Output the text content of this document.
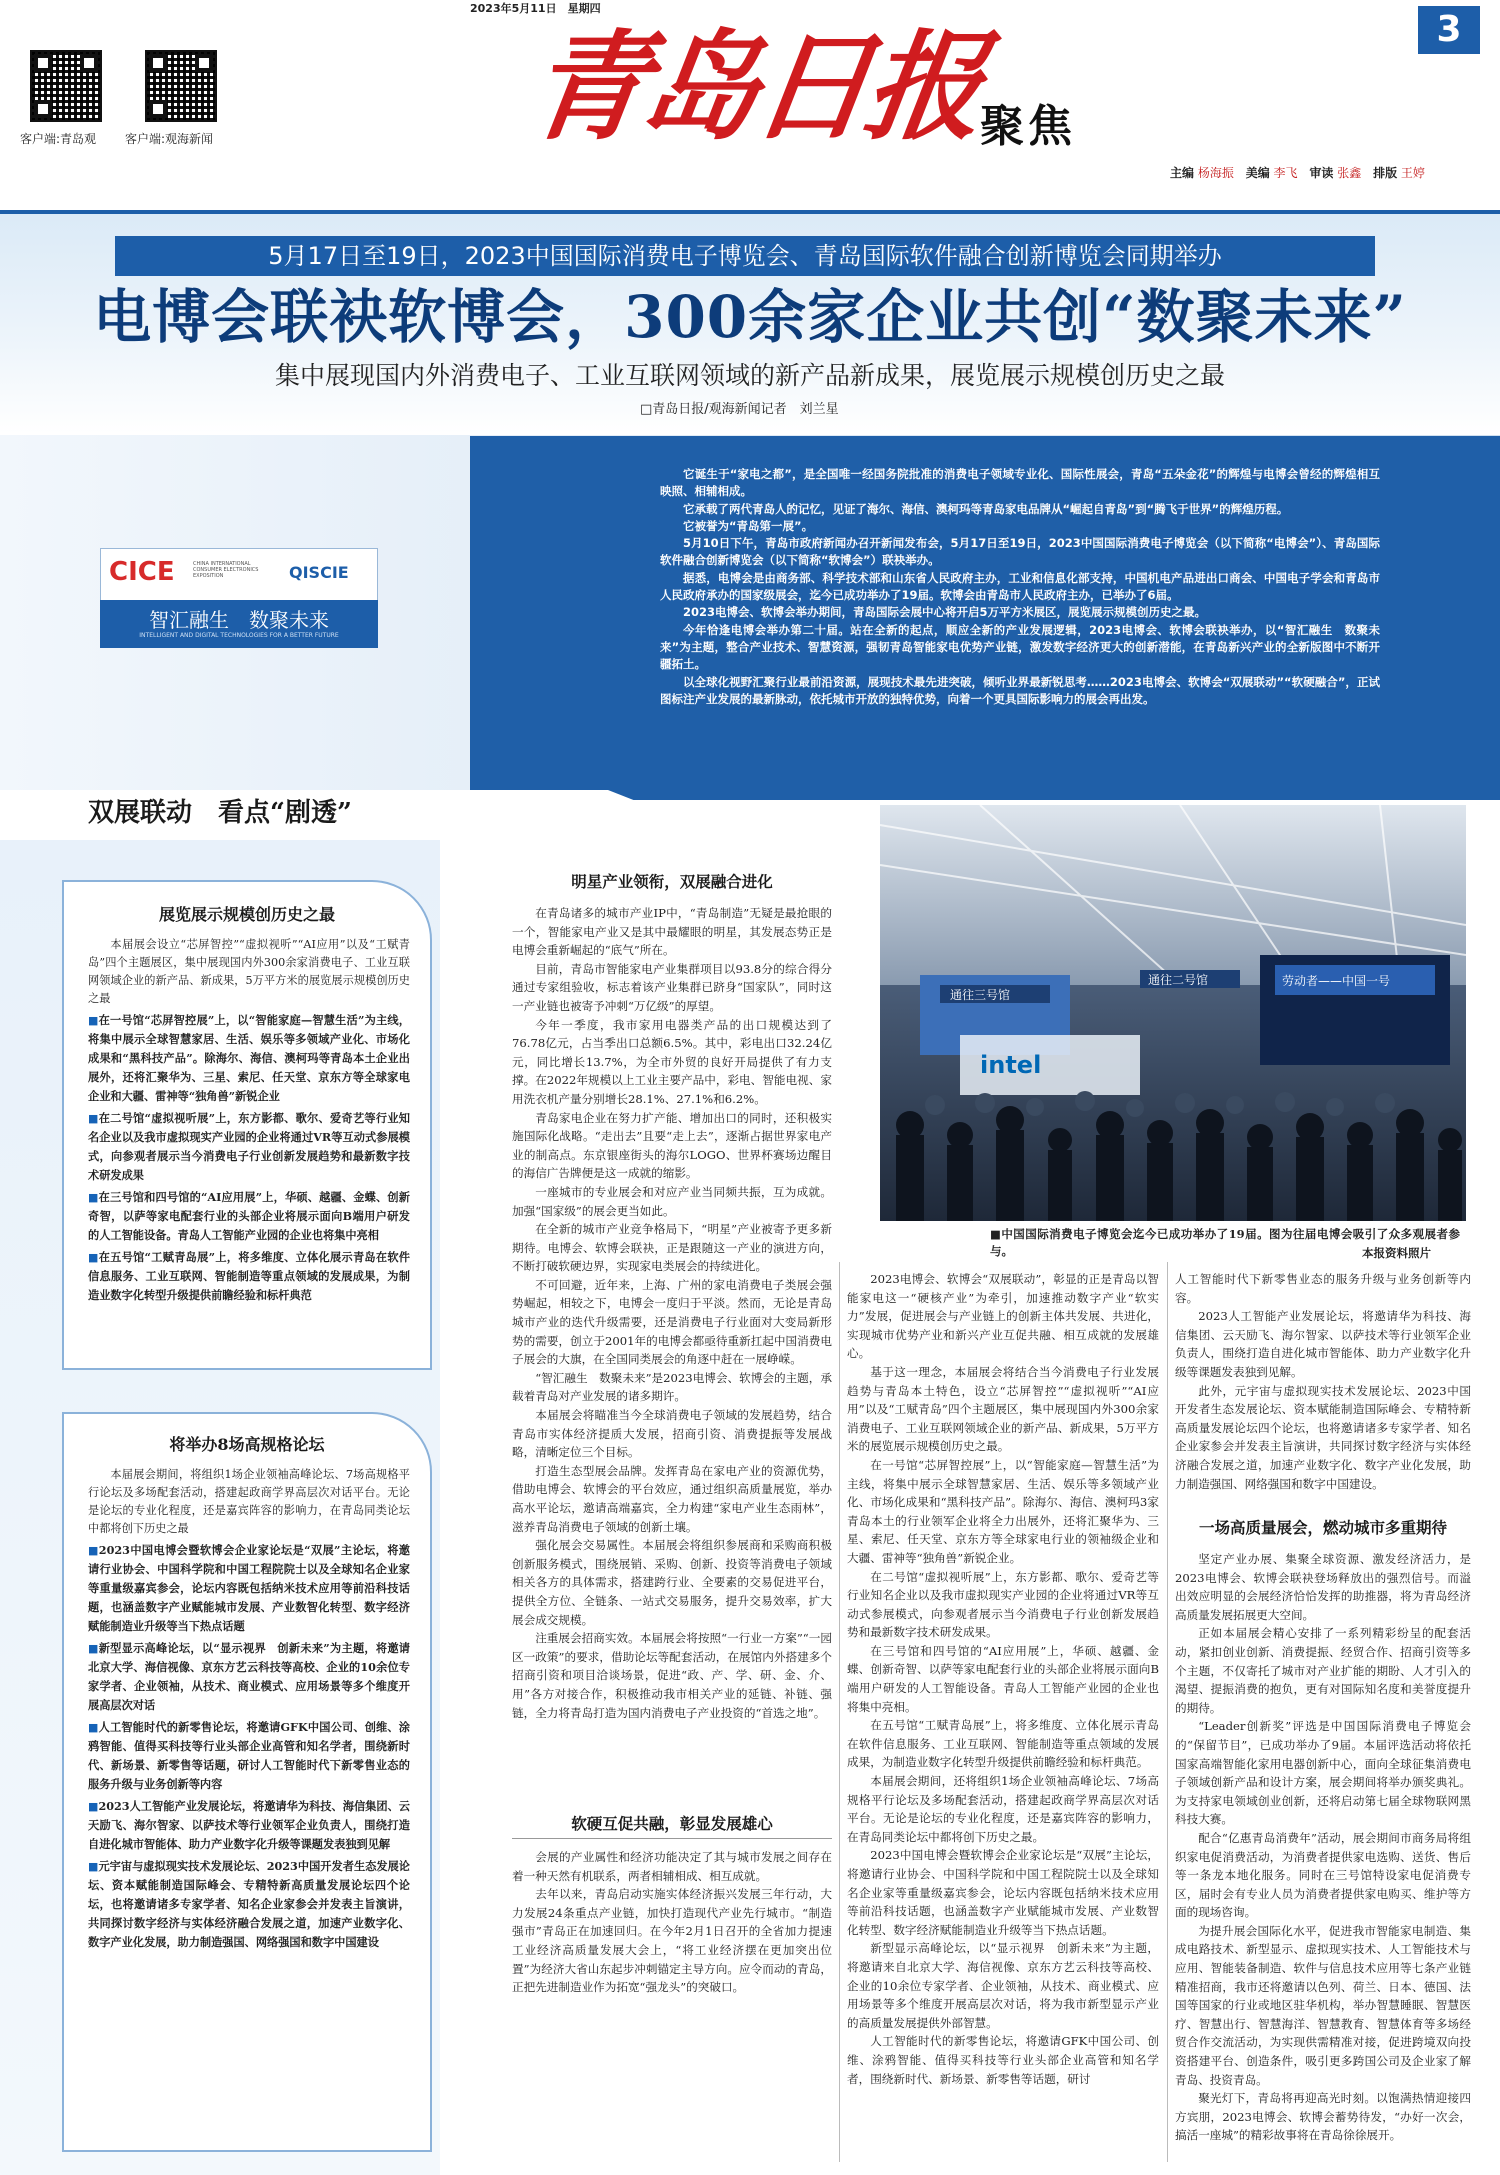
2023年5月11日　星期四
客户端:青岛观 客户端:观海新闻	青岛日报
聚焦
3
主编 杨海振 美编 李飞 审读 张鑫 排版 王婷
5月17日至19日，2023中国国际消费电子博览会、青岛国际软件融合创新博览会同期举办
电博会联袂软博会，300余家企业共创“数聚未来”
集中展现国内外消费电子、工业互联网领域的新产品新成果，展览展示规模创历史之最
□青岛日报/观海新闻记者　刘兰星
CICE	CHINA INTERNATIONAL CONSUMER ELECTRONICS EXPOSITION	QISCIE
智汇融生　数聚未来
INTELLIGENT AND DIGITAL TECHNOLOGIES FOR A BETTER FUTURE

它诞生于“家电之都”，是全国唯一经国务院批准的消费电子领域专业化、国际性展会，青岛“五朵金花”的辉煌与电博会曾经的辉煌相互映照、相辅相成。

它承载了两代青岛人的记忆，见证了海尔、海信、澳柯玛等青岛家电品牌从“崛起自青岛”到“腾飞于世界”的辉煌历程。

它被誉为“青岛第一展”。

5月10日下午，青岛市政府新闻办召开新闻发布会，5月17日至19日，2023中国国际消费电子博览会（以下简称“电博会”）、青岛国际软件融合创新博览会（以下简称“软博会”）联袂举办。

据悉，电博会是由商务部、科学技术部和山东省人民政府主办，工业和信息化部支持，中国机电产品进出口商会、中国电子学会和青岛市人民政府承办的国家级展会，迄今已成功举办了19届。软博会由青岛市人民政府主办，已举办了6届。

2023电博会、软博会举办期间，青岛国际会展中心将开启5万平方米展区，展览展示规模创历史之最。

今年恰逢电博会举办第二十届。站在全新的起点，顺应全新的产业发展逻辑，2023电博会、软博会联袂举办，以“智汇融生　数聚未来”为主题，整合产业技术、智慧资源，强韧青岛智能家电优势产业链，激发数字经济更大的创新潜能，在青岛新兴产业的全新版图中不断开疆拓土。

以全球化视野汇聚行业最前沿资源，展现技术最先进突破，倾听业界最新锐思考……2023电博会、软博会“双展联动”“软硬融合”，正试图标注产业发展的最新脉动，依托城市开放的独特优势，向着一个更具国际影响力的展会再出发。

双展联动　看点“剧透”
展览展示规模创历史之最

本届展会设立“芯屏智控”“虚拟视听”“AI应用”以及“工赋青岛”四个主题展区，集中展现国内外300余家消费电子、工业互联网领域企业的新产品、新成果，5万平方米的展览展示规模创历史之最

■在一号馆“芯屏智控展”上，以“智能家庭—智慧生活”为主线，将集中展示全球智慧家居、生活、娱乐等多领域产业化、市场化成果和“黑科技产品”。除海尔、海信、澳柯玛等青岛本土企业出展外，还将汇聚华为、三星、索尼、任天堂、京东方等全球家电企业和大疆、雷神等“独角兽”新锐企业

■在二号馆“虚拟视听展”上，东方影都、歌尔、爱奇艺等行业知名企业以及我市虚拟现实产业园的企业将通过VR等互动式参展模式，向参观者展示当今消费电子行业创新发展趋势和最新数字技术研发成果

■在三号馆和四号馆的“AI应用展”上，华硕、越疆、金蝶、创新奇智，以萨等家电配套行业的头部企业将展示面向B端用户研发的人工智能设备。青岛人工智能产业园的企业也将集中亮相

■在五号馆“工赋青岛展”上，将多维度、立体化展示青岛在软件信息服务、工业互联网、智能制造等重点领域的发展成果，为制造业数字化转型升级提供前瞻经验和标杆典范

将举办8场高规格论坛

本届展会期间，将组织1场企业领袖高峰论坛、7场高规格平行论坛及多场配套活动，搭建起政商学界高层次对话平台。无论是论坛的专业化程度，还是嘉宾阵容的影响力，在青岛同类论坛中都将创下历史之最

■2023中国电博会暨软博会企业家论坛是“双展”主论坛，将邀请行业协会、中国科学院和中国工程院院士以及全球知名企业家等重量级嘉宾参会，论坛内容既包括纳米技术应用等前沿科技话题，也涵盖数字产业赋能城市发展、产业数智化转型、数字经济赋能制造业升级等当下热点话题

■新型显示高峰论坛，以“显示视界　创新未来”为主题，将邀请北京大学、海信视像、京东方艺云科技等高校、企业的10余位专家学者、企业领袖，从技术、商业模式、应用场景等多个维度开展高层次对话

■人工智能时代的新零售论坛，将邀请GFK中国公司、创维、涂鸦智能、值得买科技等行业头部企业高管和知名学者，围绕新时代、新场景、新零售等话题，研讨人工智能时代下新零售业态的服务升级与业务创新等内容

■2023人工智能产业发展论坛，将邀请华为科技、海信集团、云天励飞、海尔智家、以萨技术等行业领军企业负责人，围绕打造自进化城市智能体、助力产业数字化升级等课题发表独到见解

■元宇宙与虚拟现实技术发展论坛、2023中国开发者生态发展论坛、资本赋能制造国际峰会、专精特新高质量发展论坛四个论坛，也将邀请诸多专家学者、知名企业家参会并发表主旨演讲，共同探讨数字经济与实体经济融合发展之道，加速产业数字化、数字产业化发展，助力制造强国、网络强国和数字中国建设

明星产业领衔，双展融合进化

在青岛诸多的城市产业IP中，“青岛制造”无疑是最抢眼的一个，智能家电产业又是其中最耀眼的明星，其发展态势正是电博会重新崛起的“底气”所在。

目前，青岛市智能家电产业集群项目以93.8分的综合得分通过专家组验收，标志着该产业集群已跻身“国家队”，同时这一产业链也被寄予冲刺“万亿级”的厚望。

今年一季度，我市家用电器类产品的出口规模达到了76.78亿元，占当季出口总额6.5%。其中，彩电出口32.24亿元，同比增长13.7%，为全市外贸的良好开局提供了有力支撑。在2022年规模以上工业主要产品中，彩电、智能电视、家用洗衣机产量分别增长28.1%、27.1%和6.2%。

青岛家电企业在努力扩产能、增加出口的同时，还积极实施国际化战略。“走出去”且要“走上去”，逐渐占据世界家电产业的制高点。东京银座街头的海尔LOGO、世界杯赛场边醒目的海信广告牌便是这一成就的缩影。

一座城市的专业展会和对应产业当同频共振，互为成就。加强“国家级”的展会更当如此。

在全新的城市产业竞争格局下，“明星”产业被寄予更多新期待。电博会、软博会联袂，正是跟随这一产业的演进方向，不断打破软硬边界，实现家电类展会的持续进化。

不可回避，近年来，上海、广州的家电消费电子类展会强势崛起，相较之下，电博会一度归于平淡。然而，无论是青岛城市产业的迭代升级需要，还是消费电子行业面对大变局新形势的需要，创立于2001年的电博会都亟待重新扛起中国消费电子展会的大旗，在全国同类展会的角逐中赶在一展峥嵘。

“智汇融生　数聚未来”是2023电博会、软博会的主题，承载着青岛对产业发展的诸多期许。

本届展会将瞄准当今全球消费电子领域的发展趋势，结合青岛市实体经济提质大发展，招商引资、消费提振等发展战略，清晰定位三个目标。

打造生态型展会品牌。发挥青岛在家电产业的资源优势，借助电博会、软博会的平台效应，通过组织高质量展览，举办高水平论坛，邀请高端嘉宾，全力构建“家电产业生态雨林”，滋养青岛消费电子领域的创新土壤。

强化展会交易属性。本届展会将组织参展商和采购商积极创新服务模式，围绕展销、采购、创新、投资等消费电子领域相关各方的具体需求，搭建跨行业、全要素的交易促进平台，提供全方位、全链条、一站式交易服务，提升交易效率，扩大展会成交规模。

注重展会招商实效。本届展会将按照“一行业一方案”“一园区一政策”的要求，借助论坛等配套活动，在展馆内外搭建多个招商引资和项目洽谈场景，促进“政、产、学、研、金、介、用”各方对接合作，积极推动我市相关产业的延链、补链、强链，全力将青岛打造为国内消费电子产业投资的“首选之地”。

软硬互促共融，彰显发展雄心

会展的产业属性和经济功能决定了其与城市发展之间存在着一种天然有机联系，两者相辅相成、相互成就。

去年以来，青岛启动实施实体经济振兴发展三年行动，大力发展24条重点产业链，加快打造现代产业先行城市。“制造强市”青岛正在加速回归。在今年2月1日召开的全省加力提速工业经济高质量发展大会上，“将工业经济摆在更加突出位置”为经济大省山东起步冲刺锚定主导方向。应令而动的青岛，正把先进制造业作为拓宽“强龙头”的突破口。

通往三号馆
通往二号馆	劳动者——中国一号
intel
■中国国际消费电子博览会迄今已成功举办了19届。图为往届电博会吸引了众多观展者参与。	本报资料照片

2023电博会、软博会“双展联动”，彰显的正是青岛以智能家电这一“硬核产业”为牵引，加速推动数字产业“软实力”发展，促进展会与产业链上的创新主体共发展、共进化，实现城市优势产业和新兴产业互促共融、相互成就的发展雄心。

基于这一理念，本届展会将结合当今消费电子行业发展趋势与青岛本土特色，设立“芯屏智控”“虚拟视听”“AI应用”以及“工赋青岛”四个主题展区，集中展现国内外300余家消费电子、工业互联网领域企业的新产品、新成果，5万平方米的展览展示规模创历史之最。

在一号馆“芯屏智控展”上，以“智能家庭—智慧生活”为主线，将集中展示全球智慧家居、生活、娱乐等多领域产业化、市场化成果和“黑科技产品”。除海尔、海信、澳柯玛3家青岛本土的行业领军企业将全力出展外，还将汇聚华为、三星、索尼、任天堂、京东方等全球家电行业的领袖级企业和大疆、雷神等“独角兽”新锐企业。

在二号馆“虚拟视听展”上，东方影都、歌尔、爱奇艺等行业知名企业以及我市虚拟现实产业园的企业将通过VR等互动式参展模式，向参观者展示当今消费电子行业创新发展趋势和最新数字技术研发成果。

在三号馆和四号馆的“AI应用展”上，华硕、越疆、金蝶、创新奇智、以萨等家电配套行业的头部企业将展示面向B端用户研发的人工智能设备。青岛人工智能产业园的企业也将集中亮相。

在五号馆“工赋青岛展”上，将多维度、立体化展示青岛在软件信息服务、工业互联网、智能制造等重点领域的发展成果，为制造业数字化转型升级提供前瞻经验和标杆典范。

本届展会期间，还将组织1场企业领袖高峰论坛、7场高规格平行论坛及多场配套活动，搭建起政商学界高层次对话平台。无论是论坛的专业化程度，还是嘉宾阵容的影响力，在青岛同类论坛中都将创下历史之最。

2023中国电博会暨软博会企业家论坛是“双展”主论坛，将邀请行业协会、中国科学院和中国工程院院士以及全球知名企业家等重量级嘉宾参会，论坛内容既包括纳米技术应用等前沿科技话题，也涵盖数字产业赋能城市发展、产业数智化转型、数字经济赋能制造业升级等当下热点话题。

新型显示高峰论坛，以“显示视界　创新未来”为主题，将邀请来自北京大学、海信视像、京东方艺云科技等高校、企业的10余位专家学者、企业领袖，从技术、商业模式、应用场景等多个维度开展高层次对话，将为我市新型显示产业的高质量发展提供外部智慧。

人工智能时代的新零售论坛，将邀请GFK中国公司、创维、涂鸦智能、值得买科技等行业头部企业高管和知名学者，围绕新时代、新场景、新零售等话题，研讨

人工智能时代下新零售业态的服务升级与业务创新等内容。

2023人工智能产业发展论坛，将邀请华为科技、海信集团、云天励飞、海尔智家、以萨技术等行业领军企业负责人，围绕打造自进化城市智能体、助力产业数字化升级等课题发表独到见解。

此外，元宇宙与虚拟现实技术发展论坛、2023中国开发者生态发展论坛、资本赋能制造国际峰会、专精特新高质量发展论坛四个论坛，也将邀请诸多专家学者、知名企业家参会并发表主旨演讲，共同探讨数字经济与实体经济融合发展之道，加速产业数字化、数字产业化发展，助力制造强国、网络强国和数字中国建设。

一场高质量展会，燃动城市多重期待

坚定产业办展、集聚全球资源、激发经济活力，是2023电博会、软博会联袂登场释放出的强烈信号。而溢出效应明显的会展经济恰恰发挥的助推器，将为青岛经济高质量发展拓展更大空间。

正如本届展会精心安排了一系列精彩纷呈的配套活动，紧扣创业创新、消费提振、经贸合作、招商引资等多个主题，不仅寄托了城市对产业扩能的期盼、人才引入的渴望、提振消费的抱负，更有对国际知名度和美誉度提升的期待。

“Leader创新奖”评选是中国国际消费电子博览会的“保留节目”，已成功举办了9届。本届评选活动将依托国家高端智能化家用电器创新中心，面向全球征集消费电子领域创新产品和设计方案，展会期间将举办颁奖典礼。为支持家电领域创业创新，还将启动第七届全球物联网黑科技大赛。

配合“亿惠青岛消费年”活动，展会期间市商务局将组织家电促消费活动，为消费者提供家电选购、送货、售后等一条龙本地化服务。同时在三号馆特设家电促消费专区，届时会有专业人员为消费者提供家电购买、维护等方面的现场咨询。

为提升展会国际化水平，促进我市智能家电制造、集成电路技术、新型显示、虚拟现实技术、人工智能技术与应用、智能装备制造、软件与信息技术应用等七条产业链精准招商，我市还将邀请以色列、荷兰、日本、德国、法国等国家的行业或地区驻华机构，举办智慧睡眠、智慧医疗、智慧出行、智慧海洋、智慧教育、智慧体育等多场经贸合作交流活动，为实现供需精准对接，促进跨境双向投资搭建平台、创造条件，吸引更多跨国公司及企业家了解青岛、投资青岛。

聚光灯下，青岛将再迎高光时刻。以饱满热情迎接四方宾朋，2023电博会、软博会蓄势待发，“办好一次会，搞活一座城”的精彩故事将在青岛徐徐展开。
